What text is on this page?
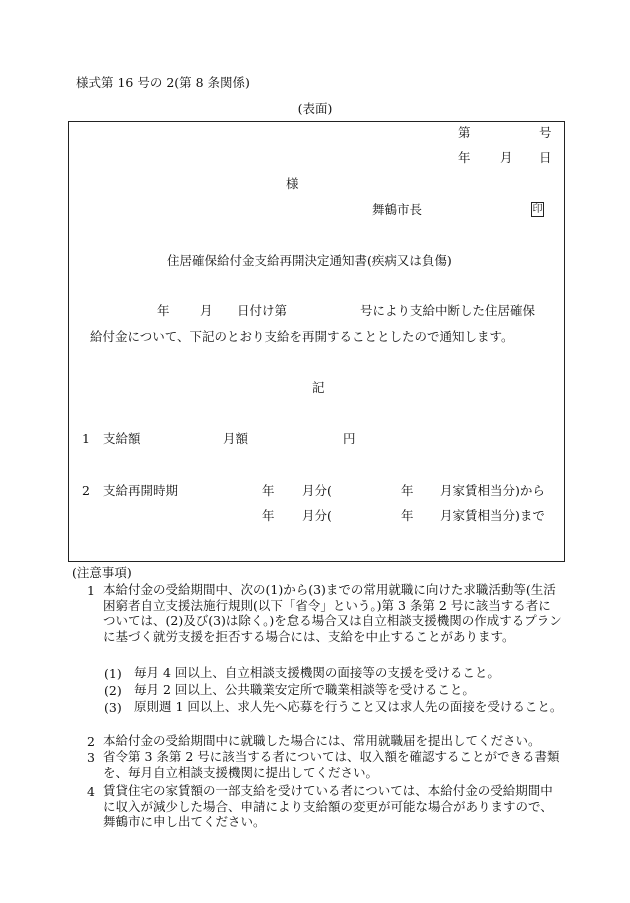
様式第 16 号の 2(第 8 条関係)
(表面)
第	号
年 月 日
様
舞鶴市長	印
住居確保給付金支給再開決定通知書(疾病又は負傷)
年 月 日付け第	号により支給中断した住居確保
給付金について、下記のとおり支給を再開することとしたので通知します。
記
1 支給額	月額	円
2 支給再開時期	年 月分(	年 月家賃相当分)から
年 月分(	年 月家賃相当分)まで
(注意事項)
1 本給付金の受給期間中、次の(1)から(3)までの常用就職に向けた求職活動等(生活困窮者自立支援法施行規則(以下「省令」という。)第 3 条第 2 号に該当する者については、(2)及び(3)は除く。)を怠る場合又は自立相談支援機関の作成するプランに基づく就労支援を拒否する場合には、支給を中止することがあります。
(1) 毎月 4 回以上、自立相談支援機関の面接等の支援を受けること。
(2) 毎月 2 回以上、公共職業安定所で職業相談等を受けること。
(3) 原則週 1 回以上、求人先へ応募を行うこと又は求人先の面接を受けること。
2 本給付金の受給期間中に就職した場合には、常用就職届を提出してください。
3 省令第 3 条第 2 号に該当する者については、収入額を確認することができる書類を、毎月自立相談支援機関に提出してください。
4 賃貸住宅の家賃額の一部支給を受けている者については、本給付金の受給期間中に収入が減少した場合、申請により支給額の変更が可能な場合がありますので、舞鶴市に申し出てください。
